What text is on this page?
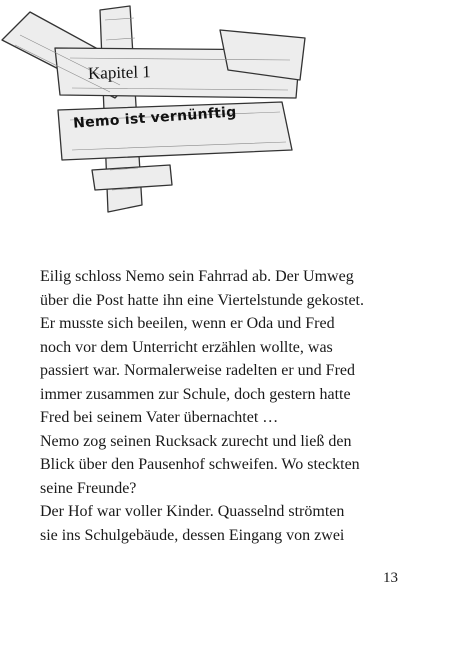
Kapitel 1
Nemo ist vernünftig
Eilig schloss Nemo sein Fahrrad ab. Der Umweg
über die Post hatte ihn eine Viertelstunde gekostet.
Er musste sich beeilen, wenn er Oda und Fred
noch vor dem Unterricht erzählen wollte, was
passiert war. Normalerweise radelten er und Fred
immer zusammen zur Schule, doch gestern hatte
Fred bei seinem Vater übernachtet …
Nemo zog seinen Rucksack zurecht und ließ den
Blick über den Pausenhof schweifen. Wo steckten
seine Freunde?
Der Hof war voller Kinder. Quasselnd strömten
sie ins Schulgebäude, dessen Eingang von zwei
13
